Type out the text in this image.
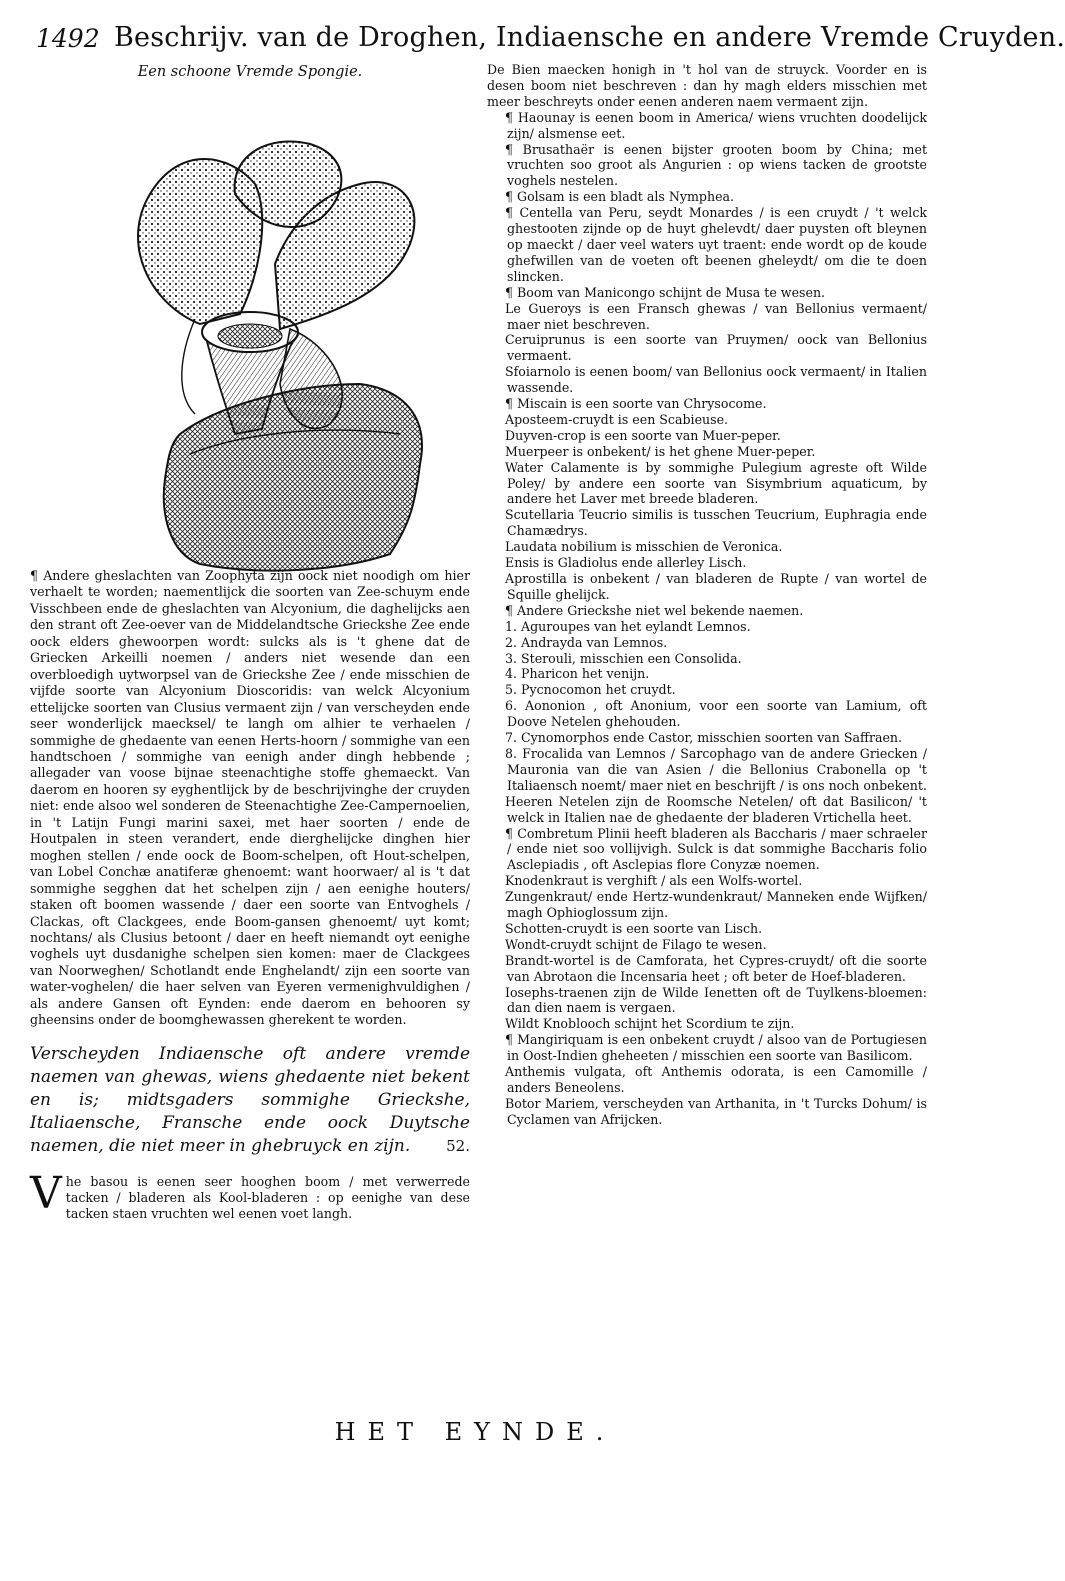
1492 Beschrijv. van de Droghen, Indiaensche en andere Vremde Cruyden.
Een schoone Vremde Spongie.

¶ Andere gheslachten van Zoophyta zijn oock niet noodigh om hier verhaelt te worden; naementlijck die soorten van Zee-schuym ende Visschbeen ende de gheslachten van Alcyonium, die daghelijcks aen den strant oft Zee-oever van de Middelandtsche Grieckshe Zee ende oock elders ghewoorpen wordt: sulcks als is 't ghene dat de Griecken Arkeilli noemen / anders niet wesende dan een overbloedigh uytworpsel van de Grieckshe Zee / ende misschien de vijfde soorte van Alcyonium Dioscoridis: van welck Alcyonium ettelijcke soorten van Clusius vermaent zijn / van verscheyden ende seer wonderlijck maecksel/ te langh om alhier te verhaelen / sommighe de ghedaente van eenen Herts-hoorn / sommighe van een handtschoen / sommighe van eenigh ander dingh hebbende ; allegader van voose bijnae steenachtighe stoffe ghemaeckt. Van daerom en hooren sy eyghentlijck by de beschrijvinghe der cruyden niet: ende alsoo wel sonderen de Steenachtighe Zee-Campernoelien, in 't Latijn Fungi marini saxei, met haer soorten / ende de Houtpalen in steen verandert, ende dierghelijcke dinghen hier moghen stellen / ende oock de Boom-schelpen, oft Hout-schelpen, van Lobel Conchæ anatiferæ ghenoemt: want hoorwaer/ al is 't dat sommighe segghen dat het schelpen zijn / aen eenighe houters/ staken oft boomen wassende / daer een soorte van Entvoghels / Clackas, oft Clackgees, ende Boom-gansen ghenoemt/ uyt komt; nochtans/ als Clusius betoont / daer en heeft niemandt oyt eenighe voghels uyt dusdanighe schelpen sien komen: maer de Clackgees van Noorweghen/ Schotlandt ende Enghelandt/ zijn een soorte van water-voghelen/ die haer selven van Eyeren vermenighvuldighen / als andere Gansen oft Eynden: ende daerom en behooren sy gheensins onder de boomghewassen gherekent te worden.

Verscheyden Indiaensche oft andere vremde naemen van ghewas, wiens ghedaente niet bekent en is; midtsgaders sommighe Grieckshe, Italiaensche, Fransche ende oock Duytsche naemen, die niet meer in ghebruyck en zijn. 52.
V he basou is eenen seer hooghen boom / met verwerrede tacken / bladeren als Kool-bladeren : op eenighe van dese tacken staen vruchten wel eenen voet langh.

De Bien maecken honigh in 't hol van de struyck. Voorder en is desen boom niet beschreven : dan hy magh elders misschien met meer beschreyts onder eenen anderen naem vermaent zijn.

¶ Haounay is eenen boom in America/ wiens vruchten doodelijck zijn/ alsmense eet.

¶ Brusathaër is eenen bijster grooten boom by China; met vruchten soo groot als Angurien : op wiens tacken de grootste voghels nestelen.

¶ Golsam is een bladt als Nymphea.

¶ Centella van Peru, seydt Monardes / is een cruydt / 't welck ghestooten zijnde op de huyt ghelevdt/ daer puysten oft bleynen op maeckt / daer veel waters uyt traent: ende wordt op de koude ghefwillen van de voeten oft beenen gheleydt/ om die te doen slincken.

¶ Boom van Manicongo schijnt de Musa te wesen.

Le Gueroys is een Fransch ghewas / van Bellonius vermaent/ maer niet beschreven.

Ceruiprunus is een soorte van Pruymen/ oock van Bellonius vermaent.

Sfoiarnolo is eenen boom/ van Bellonius oock vermaent/ in Italien wassende.

¶ Miscain is een soorte van Chrysocome.

Aposteem-cruydt is een Scabieuse.

Duyven-crop is een soorte van Muer-peper.

Muerpeer is onbekent/ is het ghene Muer-peper.

Water Calamente is by sommighe Pulegium agreste oft Wilde Poley/ by andere een soorte van Sisymbrium aquaticum, by andere het Laver met breede bladeren.

Scutellaria Teucrio similis is tusschen Teucrium, Euphragia ende Chamædrys.

Laudata nobilium is misschien de Veronica.

Ensis is Gladiolus ende allerley Lisch.

Aprostilla is onbekent / van bladeren de Rupte / van wortel de Squille ghelijck.

¶ Andere Grieckshe niet wel bekende naemen.

1. Aguroupes van het eylandt Lemnos.

2. Andrayda van Lemnos.

3. Sterouli, misschien een Consolida.

4. Pharicon het venijn.

5. Pycnocomon het cruydt.

6. Aononion , oft Anonium, voor een soorte van Lamium, oft Doove Netelen ghehouden.

7. Cynomorphos ende Castor, misschien soorten van Saffraen.

8. Frocalida van Lemnos / Sarcophago van de andere Griecken / Mauronia van die van Asien / die Bellonius Crabonella op 't Italiaensch noemt/ maer niet en beschrijft / is ons noch onbekent.

Heeren Netelen zijn de Roomsche Netelen/ oft dat Basilicon/ 't welck in Italien nae de ghedaente der bladeren Vrtichella heet.

¶ Combretum Plinii heeft bladeren als Baccharis / maer schraeler / ende niet soo vollijvigh. Sulck is dat sommighe Baccharis folio Asclepiadis , oft Asclepias flore Conyzæ noemen.

Knodenkraut is verghift / als een Wolfs-wortel.

Zungenkraut/ ende Hertz-wundenkraut/ Manneken ende Wijfken/ magh Ophioglossum zijn.

Schotten-cruydt is een soorte van Lisch.

Wondt-cruydt schijnt de Filago te wesen.

Brandt-wortel is de Camforata, het Cypres-cruydt/ oft die soorte van Abrotaon die Incensaria heet ; oft beter de Hoef-bladeren.

Iosephs-traenen zijn de Wilde Ienetten oft de Tuylkens-bloemen: dan dien naem is vergaen.

Wildt Knoblooch schijnt het Scordium te zijn.

¶ Mangiriquam is een onbekent cruydt / alsoo van de Portugiesen in Oost-Indien gheheeten / misschien een soorte van Basilicom.

Anthemis vulgata, oft Anthemis odorata, is een Camomille / anders Beneolens.

Botor Mariem, verscheyden van Arthanita, in 't Turcks Dohum/ is Cyclamen van Afrijcken.

HET EYNDE.
